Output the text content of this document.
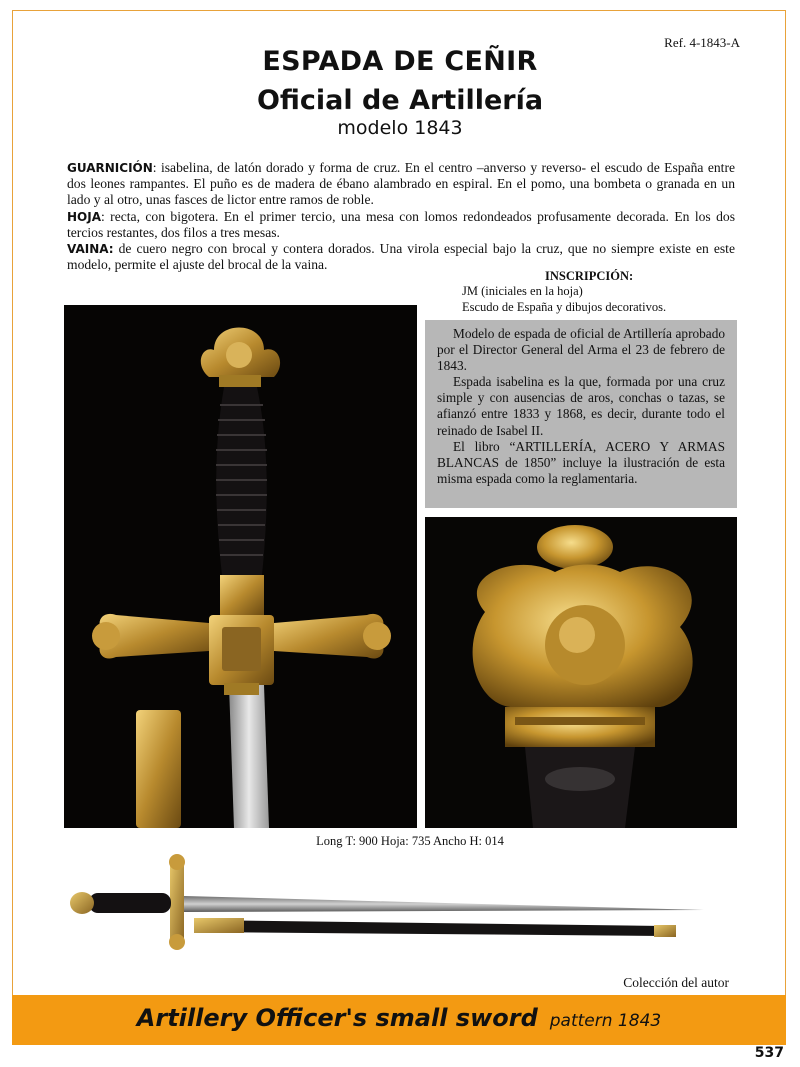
Ref. 4-1843-A
ESPADA DE CEÑIR
Oficial de Artillería
modelo 1843

GUARNICIÓN: isabelina, de latón dorado y forma de cruz. En el centro –anverso y reverso- el escudo de España entre dos leones rampantes. El puño es de madera de ébano alambrado en espiral. En el pomo, una bombeta o granada en un lado y al otro, unas fasces de lictor entre ramos de roble.

HOJA: recta, con bigotera. En el primer tercio, una mesa con lomos redondeados profusamente decorada. En los dos tercios restantes, dos filos a tres mesas.

VAINA: de cuero negro con brocal y contera dorados. Una virola especial bajo la cruz, que no siempre existe en este modelo, permite el ajuste del brocal de la vaina.

INSCRIPCIÓN:
JM (iniciales en la hoja)
Escudo de España y dibujos decorativos.

Modelo de espada de oficial de Artillería aprobado por el Director General del Arma el 23 de febrero de 1843.

Espada isabelina es la que, formada por una cruz simple y con ausencias de aros, conchas o tazas, se afianzó entre 1833 y 1868, es decir, durante todo el reinado de Isabel II.

El libro “ARTILLERÍA, ACERO Y ARMAS BLANCAS de 1850” incluye la ilustración de esta misma espada como la reglamentaria.

Long T: 900 Hoja: 735 Ancho H: 014
Colección del autor
Artillery Officer's small sword pattern 1843
537
